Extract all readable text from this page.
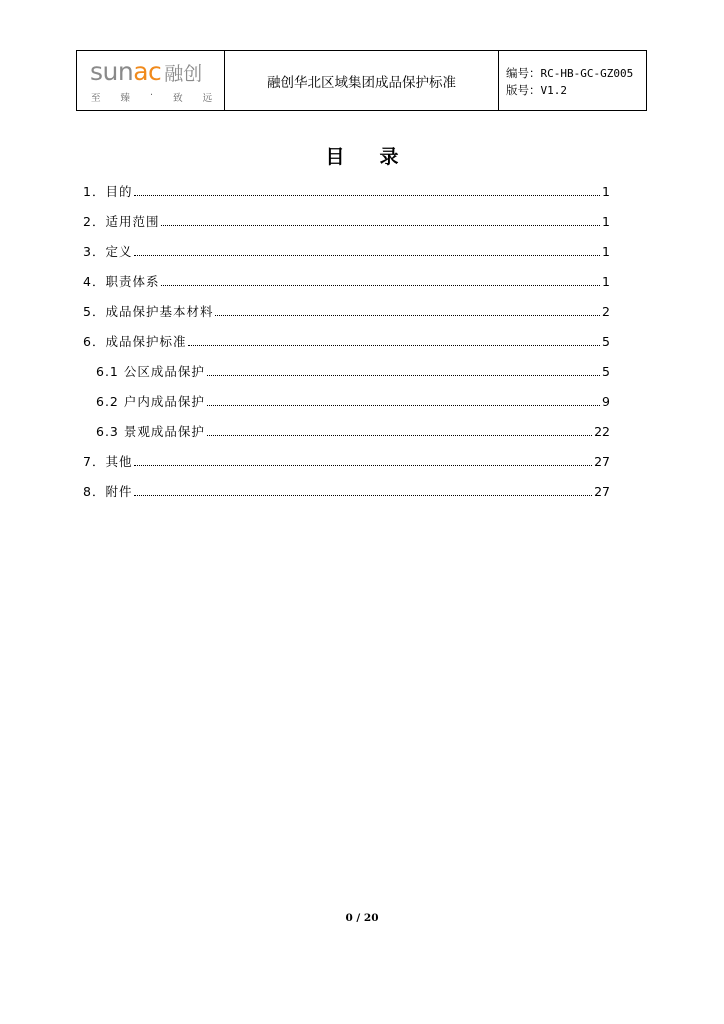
sun ac 融创
至 臻 · 致 远
融创华北区域集团成品保护标准
编号：RC-HB-GC-GZ005
版号：V1.2
目录
1．目的	1
2．适用范围	1
3．定义	1
4．职责体系	1
5．成品保护基本材料	2
6．成品保护标准	5
6.1 公区成品保护	5
6.2 户内成品保护	9
6.3 景观成品保护	22
7．其他	27
8．附件	27
0 / 20
